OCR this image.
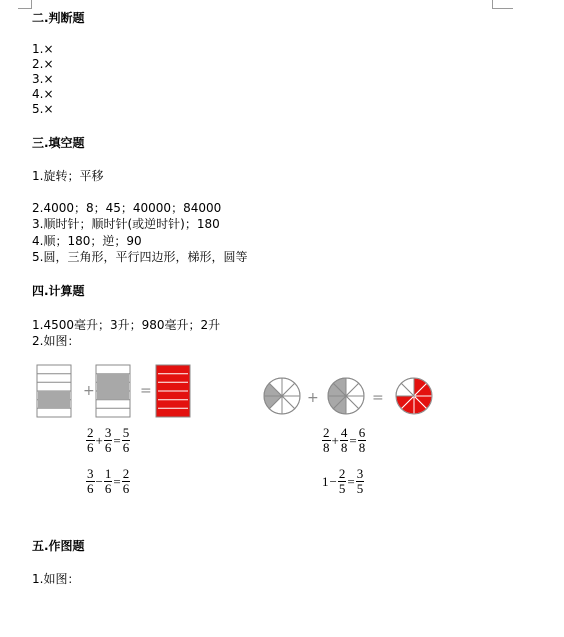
二.判断题
1.×
2.×
3.×
4.×
5.×
三.填空题
1.旋转；平移
2.4000；8；45；40000；84000
3.顺时针；顺时针(或逆时针)；180
4.顺；180；逆；90
5.圆，三角形，平行四边形，梯形，圆等
四.计算题
1.4500毫升；3升；980毫升；2升
2.如图：
+	=
$\frac{2}{6} + \frac{3}{6} = \frac{5}{6}$
$\frac{3}{6} - \frac{1}{6} = \frac{2}{6}$
+	=
$\frac{2}{8} + \frac{4}{8} = \frac{6}{8}$
$1- \frac{2}{5} = \frac{3}{5}$
五.作图题
1.如图：
